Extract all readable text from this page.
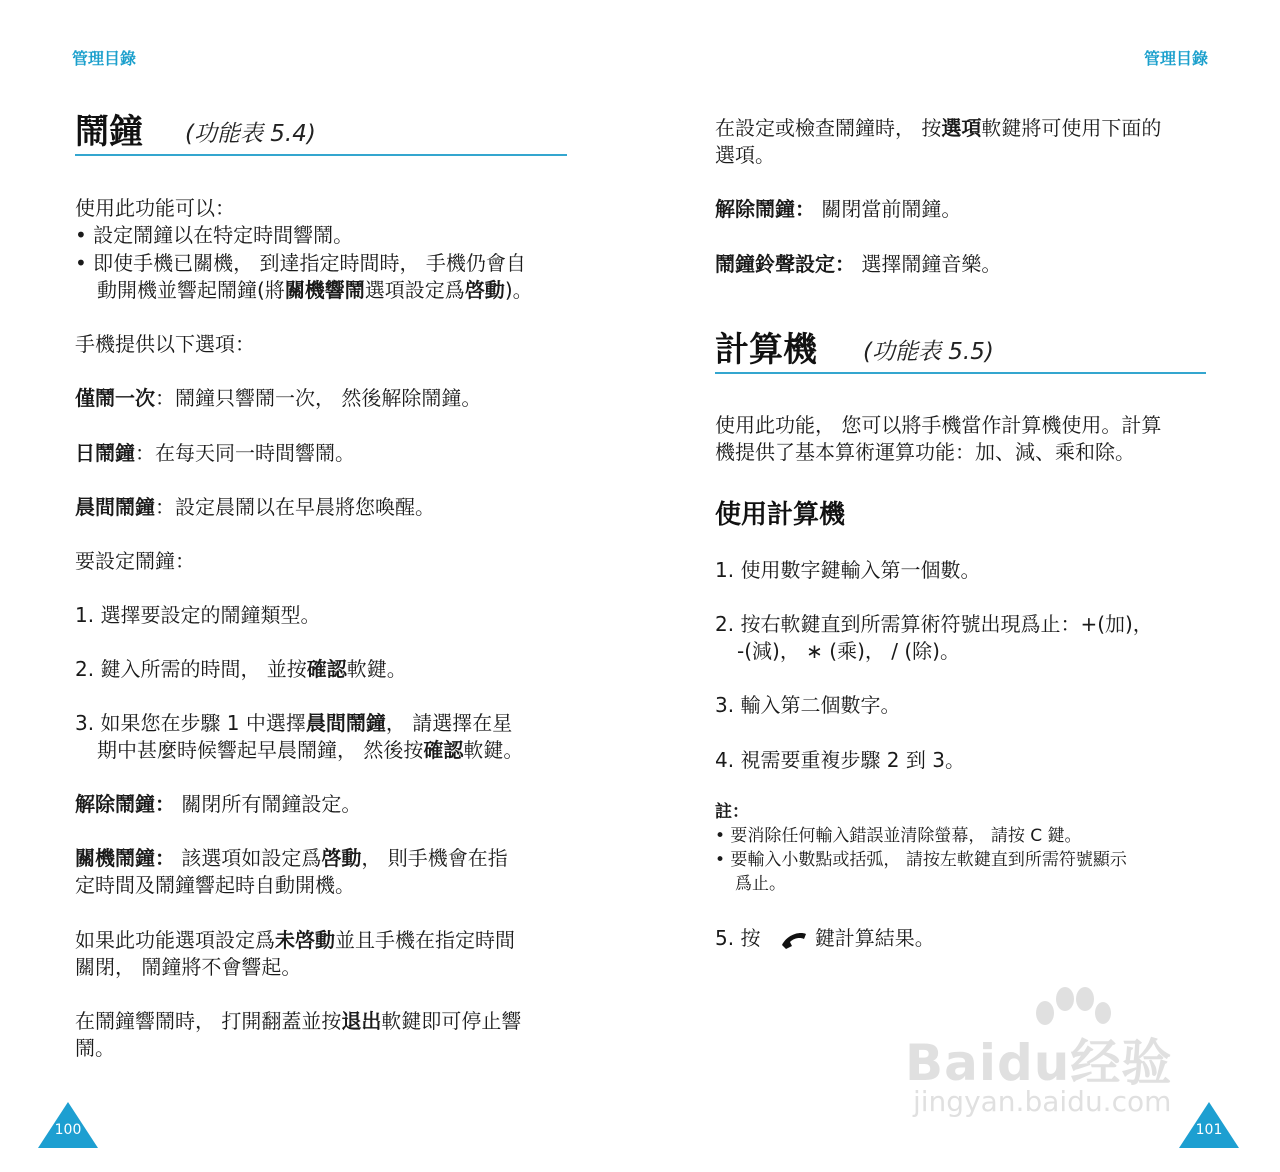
管理目錄
鬧鐘 (功能表 5.4)
使用此功能可以：
• 設定鬧鐘以在特定時間響鬧。
• 即使手機已關機， 到達指定時間時， 手機仍會自
動開機並響起鬧鐘(將關機響鬧選項設定爲啓動)。
手機提供以下選項：
僅鬧一次：鬧鐘只響鬧一次， 然後解除鬧鐘。
日鬧鐘：在每天同一時間響鬧。
晨間鬧鐘：設定晨鬧以在早晨將您喚醒。
要設定鬧鐘：
1. 選擇要設定的鬧鐘類型。
2. 鍵入所需的時間， 並按確認軟鍵。
3. 如果您在步驟 1 中選擇晨間鬧鐘， 請選擇在星
期中甚麼時候響起早晨鬧鐘， 然後按確認軟鍵。
解除鬧鐘： 關閉所有鬧鐘設定。
關機鬧鐘： 該選項如設定爲啓動， 則手機會在指
定時間及鬧鐘響起時自動開機。
如果此功能選項設定爲未啓動並且手機在指定時間
關閉， 鬧鐘將不會響起。
在鬧鐘響鬧時， 打開翻蓋並按退出軟鍵即可停止響
鬧。
100
管理目錄
在設定或檢查鬧鐘時， 按選項軟鍵將可使用下面的
選項。
解除鬧鐘： 關閉當前鬧鐘。
鬧鐘鈴聲設定： 選擇鬧鐘音樂。
計算機 (功能表 5.5)
使用此功能， 您可以將手機當作計算機使用。計算
機提供了基本算術運算功能：加、減、乘和除。
使用計算機
1. 使用數字鍵輸入第一個數。
2. 按右軟鍵直到所需算術符號出現爲止：+(加)，
-(減)， ∗ (乘)， / (除)。
3. 輸入第二個數字。
4. 視需要重複步驟 2 到 3。
註：
• 要消除任何輸入錯誤並清除螢幕， 請按 C 鍵。
• 要輸入小數點或括弧， 請按左軟鍵直到所需符號顯示
爲止。
5. 按	鍵計算結果。
101
Baidu经验
jingyan.baidu.com
